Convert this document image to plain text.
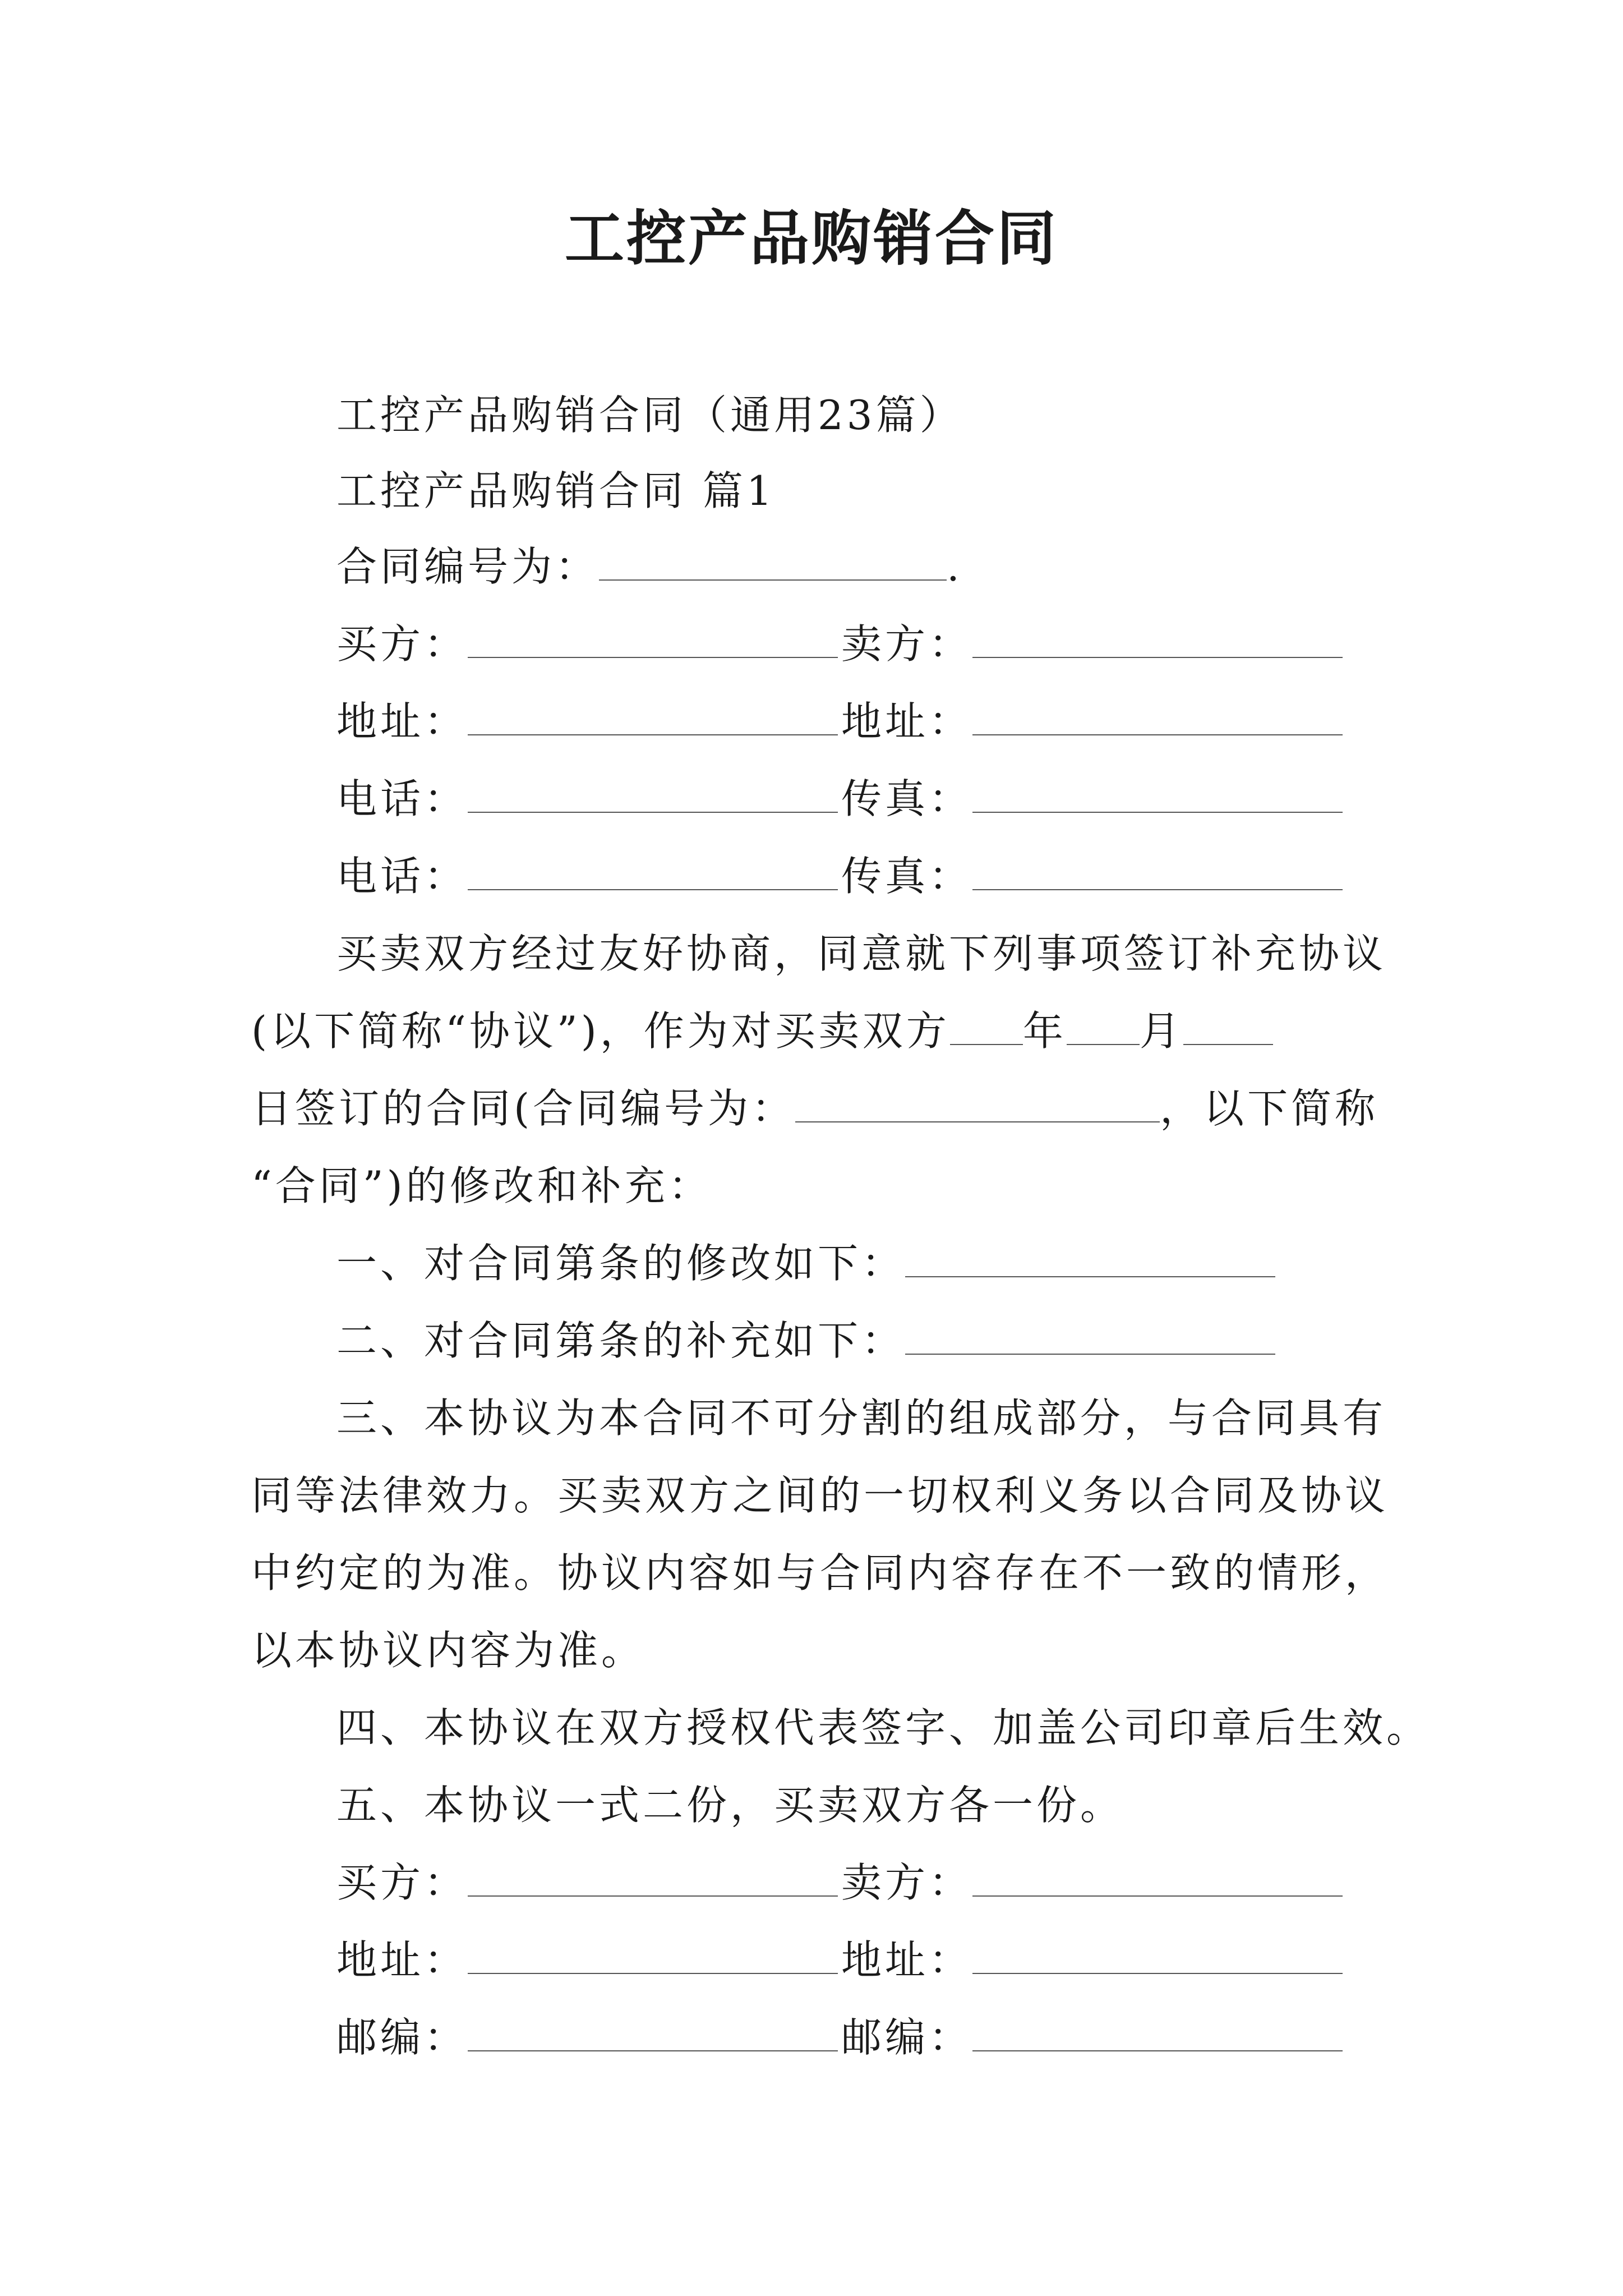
工控产品购销合同
工控产品购销合同（通用23篇）
工控产品购销合同 篇1
合同编号为：	.
买方：	卖方：
地址：	地址：
电话：	传真：
电话：	传真：
买卖双方经过友好协商，同意就下列事项签订补充协议
(以下简称“协议”)，作为对买卖双方 年 月
日签订的合同(合同编号为：	，以下简称
“合同”)的修改和补充：
一、对合同第条的修改如下：
二、对合同第条的补充如下：
三、本协议为本合同不可分割的组成部分，与合同具有
同等法律效力。买卖双方之间的一切权利义务以合同及协议
中约定的为准。协议内容如与合同内容存在不一致的情形，
以本协议内容为准。
四、本协议在双方授权代表签字、加盖公司印章后生效。
五、本协议一式二份，买卖双方各一份。
买方：	卖方：
地址：	地址：
邮编：	邮编：
